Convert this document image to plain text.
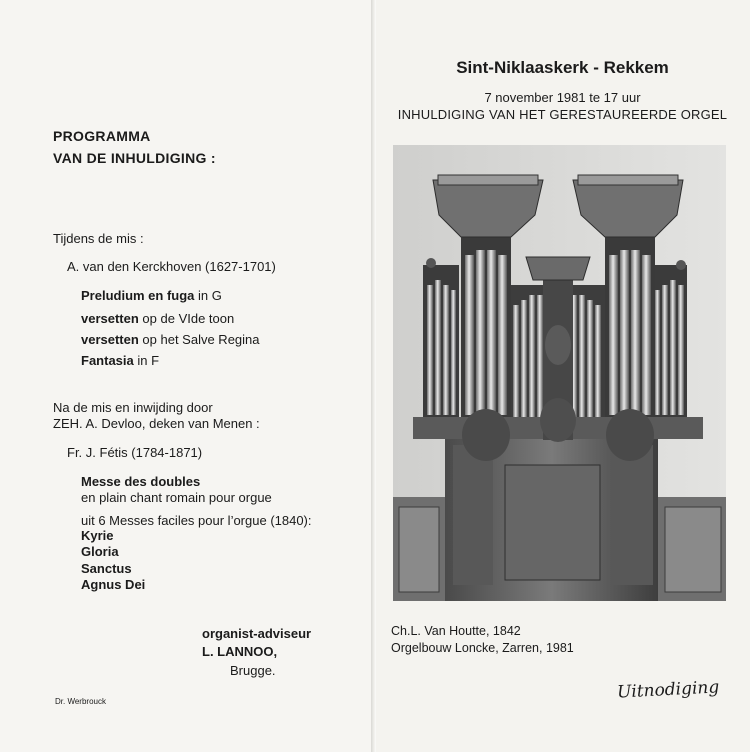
PROGRAMMA
VAN DE INHULDIGING :
Tijdens de mis :
A. van den Kerckhoven (1627-1701)
Preludium en fuga in G
versetten op de VIde toon
versetten op het Salve Regina
Fantasia in F
Na de mis en inwijding door
ZEH. A. Devloo, deken van Menen :
Fr. J. Fétis (1784-1871)
Messe des doubles
en plain chant romain pour orgue
uit 6 Messes faciles pour l’orgue (1840):
Kyrie
Gloria
Sanctus
Agnus Dei
organist-adviseur
L. LANNOO,
Brugge.
Dr. Werbrouck
Sint-Niklaaskerk - Rekkem
7 november 1981 te 17 uur
INHULDIGING VAN HET GERESTAUREERDE ORGEL
Ch.L. Van Houtte, 1842
Orgelbouw Loncke, Zarren, 1981
Uitnodiging
